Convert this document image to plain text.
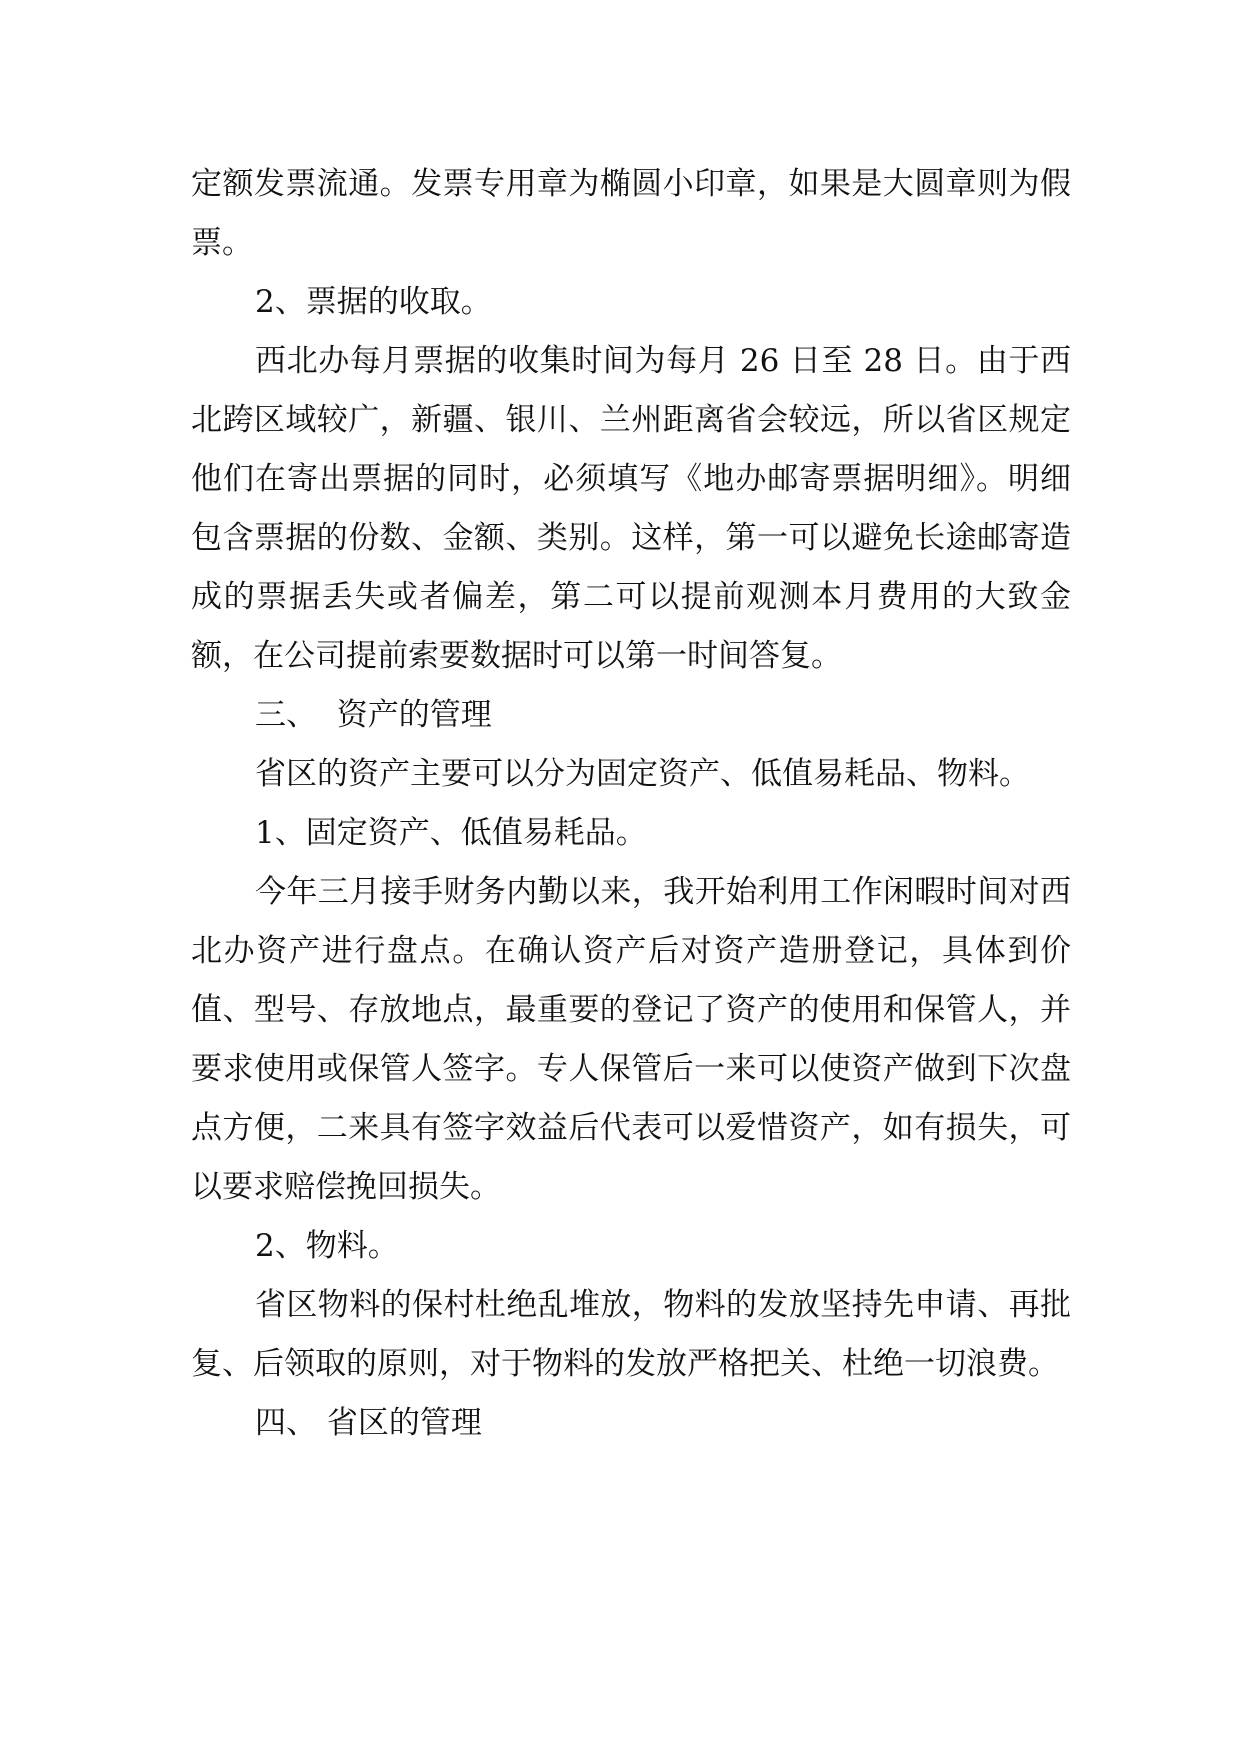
定额发票流通。发票专用章为椭圆小印章，如果是大圆章则为假票。

2、票据的收取。

西北办每月票据的收集时间为每月 26 日至 28 日。由于西北跨区域较广，新疆、银川、兰州距离省会较远，所以省区规定他们在寄出票据的同时，必须填写《地办邮寄票据明细》。明细包含票据的份数、金额、类别。这样，第一可以避免长途邮寄造成的票据丢失或者偏差，第二可以提前观测本月费用的大致金额，在公司提前索要数据时可以第一时间答复。

三、  资产的管理

省区的资产主要可以分为固定资产、低值易耗品、物料。

1、固定资产、低值易耗品。

今年三月接手财务内勤以来，我开始利用工作闲暇时间对西北办资产进行盘点。在确认资产后对资产造册登记，具体到价值、型号、存放地点，最重要的登记了资产的使用和保管人，并要求使用或保管人签字。专人保管后一来可以使资产做到下次盘点方便，二来具有签字效益后代表可以爱惜资产，如有损失，可以要求赔偿挽回损失。

2、物料。

省区物料的保村杜绝乱堆放，物料的发放坚持先申请、再批复、后领取的原则，对于物料的发放严格把关、杜绝一切浪费。

四、 省区的管理
